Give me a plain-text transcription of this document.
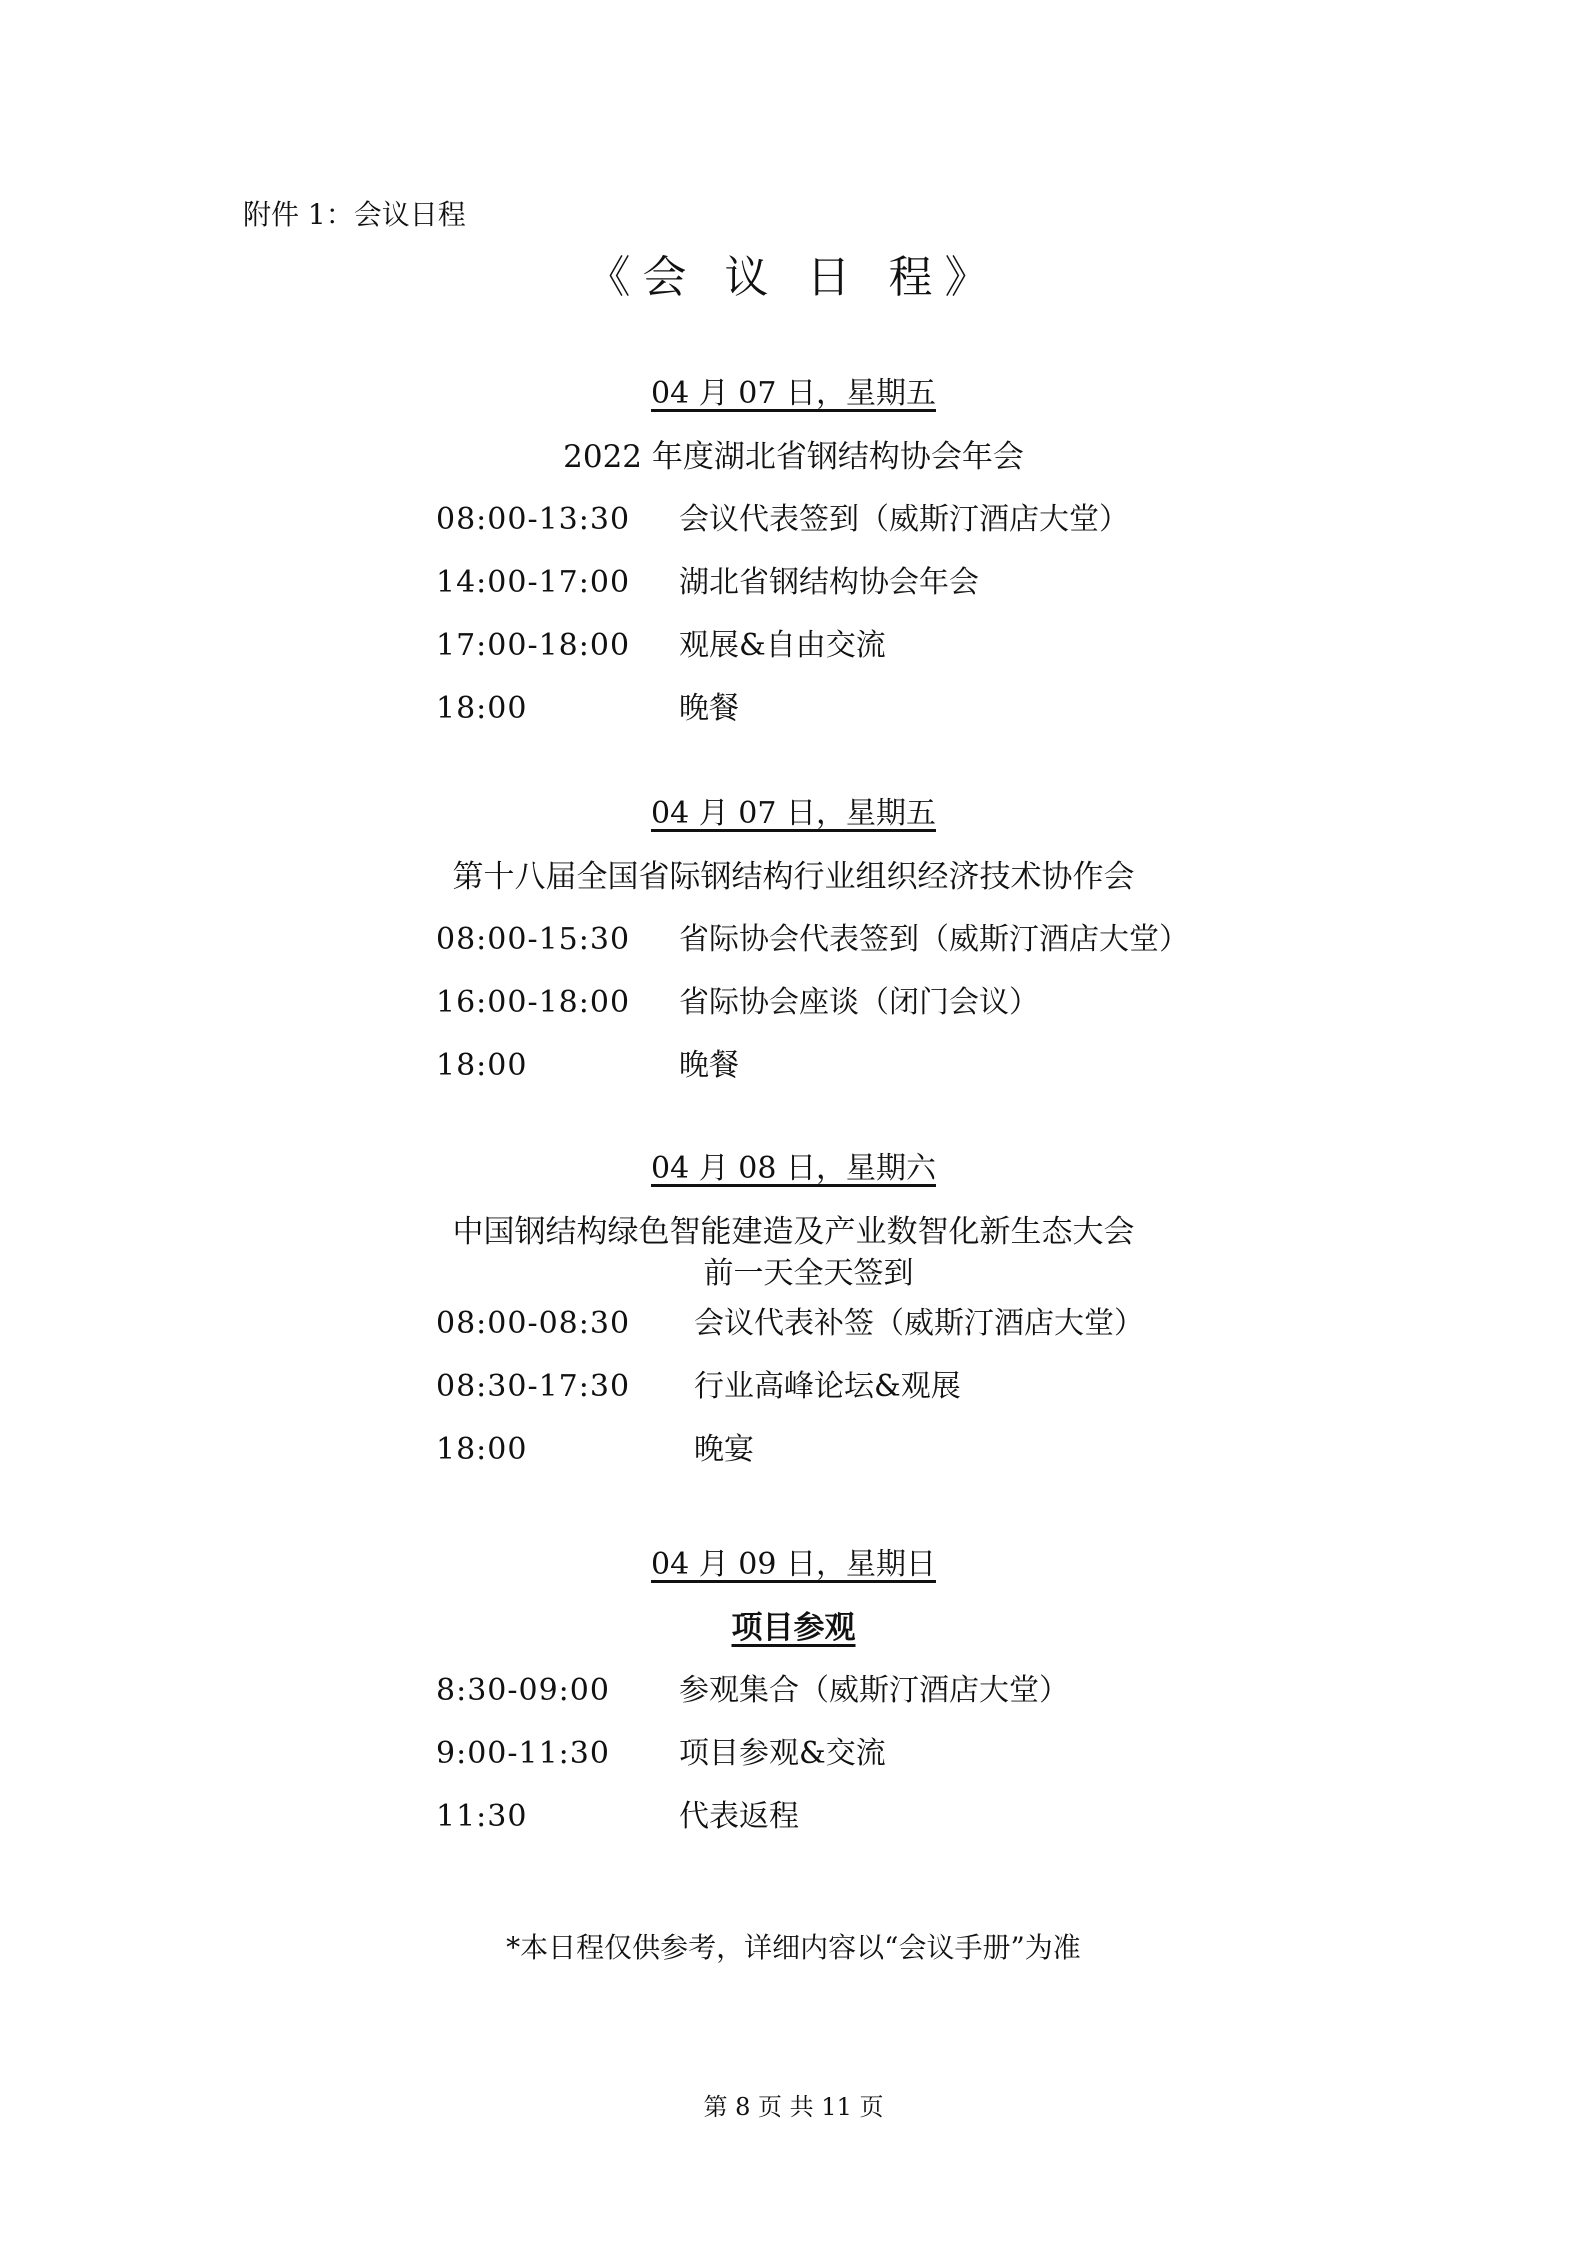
附件 1：会议日程
《会 议 日 程》
04 月 07 日，星期五
2022 年度湖北省钢结构协会年会
08:00-13:30 会议代表签到（威斯汀酒店大堂）
14:00-17:00 湖北省钢结构协会年会
17:00-18:00 观展&自由交流
18:00	晚餐
04 月 07 日，星期五
第十八届全国省际钢结构行业组织经济技术协作会
08:00-15:30 省际协会代表签到（威斯汀酒店大堂）
16:00-18:00 省际协会座谈（闭门会议）
18:00	晚餐
04 月 08 日，星期六
中国钢结构绿色智能建造及产业数智化新生态大会
前一天全天签到
08:00-08:30 会议代表补签（威斯汀酒店大堂）
08:30-17:30 行业高峰论坛&观展
18:00	晚宴
04 月 09 日，星期日
项目参观
8:30-09:00 参观集合（威斯汀酒店大堂）
9:00-11:30 项目参观&交流
11:30	代表返程
*本日程仅供参考，详细内容以“会议手册”为准
第 8 页 共 11 页
